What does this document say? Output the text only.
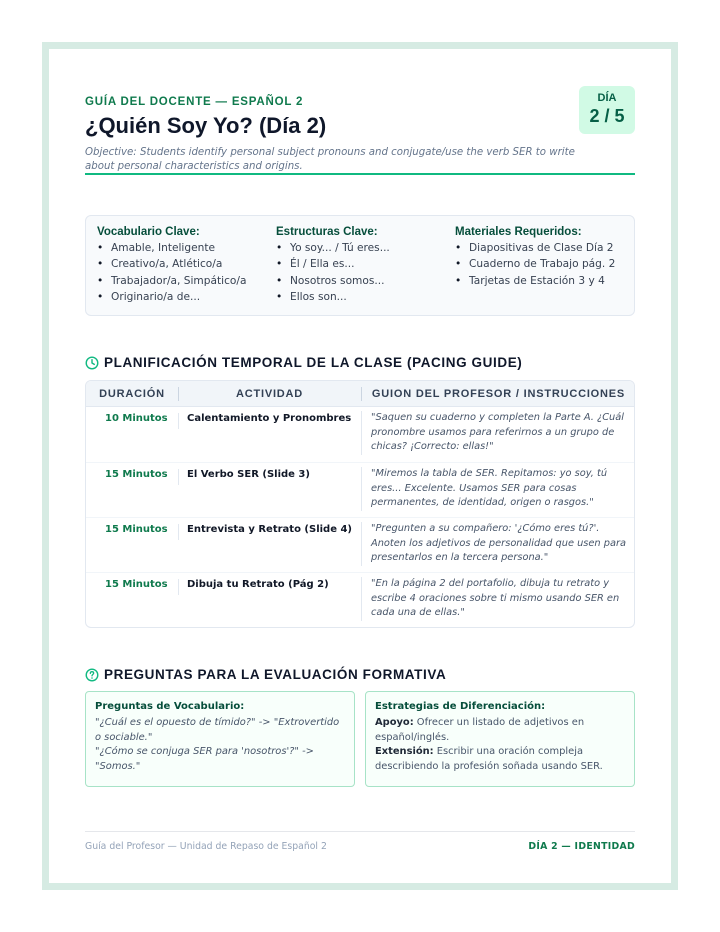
GUÍA DEL DOCENTE — ESPAÑOL 2
¿Quién Soy Yo? (Día 2)
Objective: Students identify personal subject pronouns and conjugate/use the verb SER to write about personal characteristics and origins.
DÍA
2 / 5
Vocabulario Clave:
• Amable, Inteligente
• Creativo/a, Atlético/a
• Trabajador/a, Simpático/a
• Originario/a de...
Estructuras Clave:
• Yo soy... / Tú eres...
• Él / Ella es...
• Nosotros somos...
• Ellos son...
Materiales Requeridos:
• Diapositivas de Clase Día 2
• Cuaderno de Trabajo pág. 2
• Tarjetas de Estación 3 y 4
PLANIFICACIÓN TEMPORAL DE LA CLASE (PACING GUIDE)
DURACIÓN	ACTIVIDAD	GUION DEL PROFESOR / INSTRUCCIONES
10 Minutos	Calentamiento y Pronombres	"Saquen su cuaderno y completen la Parte A. ¿Cuál pronombre usamos para referirnos a un grupo de chicas? ¡Correcto: ellas!"
15 Minutos	El Verbo SER (Slide 3)	"Miremos la tabla de SER. Repitamos: yo soy, tú eres... Excelente. Usamos SER para cosas permanentes, de identidad, origen o rasgos."
15 Minutos	Entrevista y Retrato (Slide 4)	"Pregunten a su compañero: '¿Cómo eres tú?'. Anoten los adjetivos de personalidad que usen para presentarlos en la tercera persona."
15 Minutos	Dibuja tu Retrato (Pág 2)	"En la página 2 del portafolio, dibuja tu retrato y escribe 4 oraciones sobre ti mismo usando SER en cada una de ellas."
PREGUNTAS PARA LA EVALUACIÓN FORMATIVA
Preguntas de Vocabulario:

"¿Cuál es el opuesto de tímido?" -> "Extrovertido o sociable."

"¿Cómo se conjuga SER para 'nosotros'?" -> "Somos."

Estrategias de Diferenciación:

Apoyo: Ofrecer un listado de adjetivos en español/inglés.

Extensión: Escribir una oración compleja describiendo la profesión soñada usando SER.

Guía del Profesor — Unidad de Repaso de Español 2	DÍA 2 — IDENTIDAD
